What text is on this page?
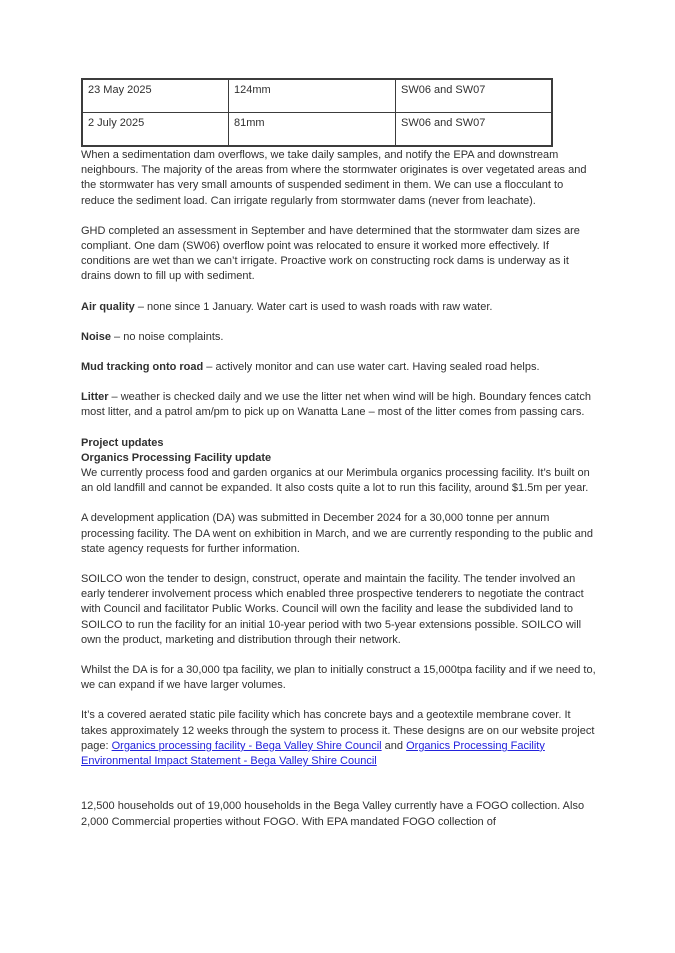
23 May 2025	124mm	SW06 and SW07
2 July 2025	81mm	SW06 and SW07

When a sedimentation dam overflows, we take daily samples, and notify the EPA and downstream neighbours. The majority of the areas from where the stormwater originates is over vegetated areas and the stormwater has very small amounts of suspended sediment in them. We can use a flocculant to reduce the sediment load. Can irrigate regularly from stormwater dams (never from leachate).

GHD completed an assessment in September and have determined that the stormwater dam sizes are compliant. One dam (SW06) overflow point was relocated to ensure it worked more effectively. If conditions are wet than we can’t irrigate. Proactive work on constructing rock dams is underway as it drains down to fill up with sediment.

Air quality – none since 1 January. Water cart is used to wash roads with raw water.

Noise – no noise complaints.

Mud tracking onto road – actively monitor and can use water cart. Having sealed road helps.

Litter – weather is checked daily and we use the litter net when wind will be high. Boundary fences catch most litter, and a patrol am/pm to pick up on Wanatta Lane – most of the litter comes from passing cars.

Project updates

Organics Processing Facility update

We currently process food and garden organics at our Merimbula organics processing facility. It’s built on an old landfill and cannot be expanded. It also costs quite a lot to run this facility, around $1.5m per year.

A development application (DA) was submitted in December 2024 for a 30,000 tonne per annum processing facility. The DA went on exhibition in March, and we are currently responding to the public and state agency requests for further information.

SOILCO won the tender to design, construct, operate and maintain the facility. The tender involved an early tenderer involvement process which enabled three prospective tenderers to negotiate the contract with Council and facilitator Public Works. Council will own the facility and lease the subdivided land to SOILCO to run the facility for an initial 10-year period with two 5-year extensions possible. SOILCO will own the product, marketing and distribution through their network.

Whilst the DA is for a 30,000 tpa facility, we plan to initially construct a 15,000tpa facility and if we need to, we can expand if we have larger volumes.

It’s a covered aerated static pile facility which has concrete bays and a geotextile membrane cover. It takes approximately 12 weeks through the system to process it. These designs are on our website project page: Organics processing facility - Bega Valley Shire Council and Organics Processing Facility Environmental Impact Statement - Bega Valley Shire Council

12,500 households out of 19,000 households in the Bega Valley currently have a FOGO collection. Also 2,000 Commercial properties without FOGO. With EPA mandated FOGO collection of
